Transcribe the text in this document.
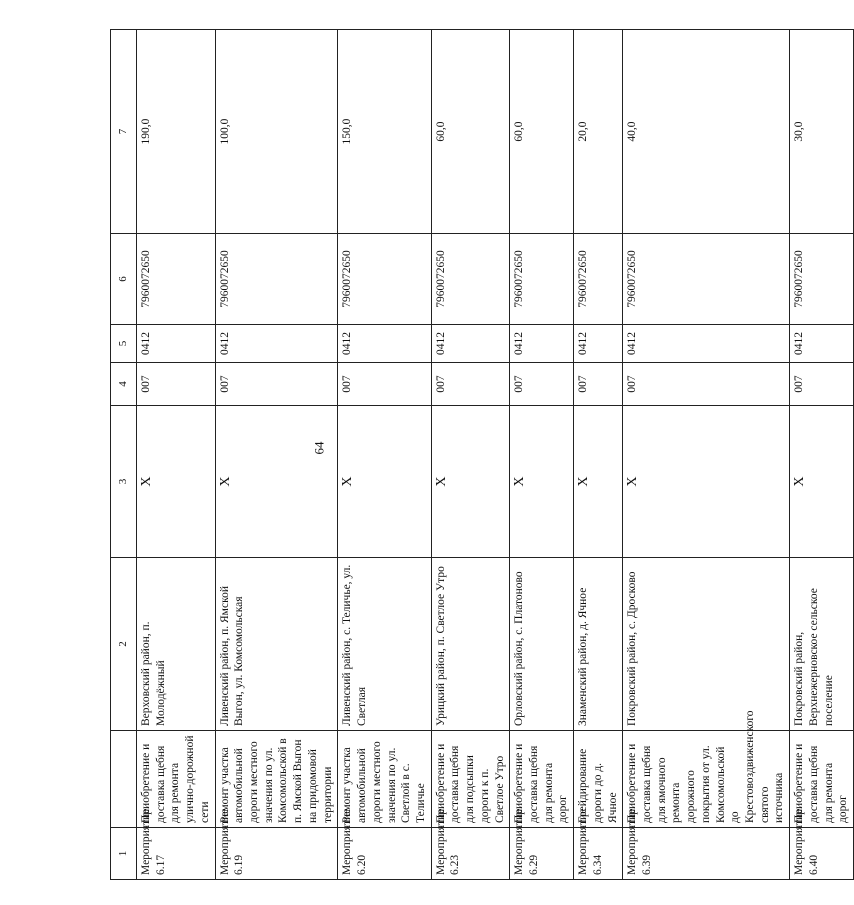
64
1		2	3	4	5	6	7
Мероприятие 6.17	Приобретение и доставка щебня для ремонта улично-дорожной сети	Верховский район, п. Молодёжный	X	007	0412	7960072650	190,0
Мероприятие 6.19	Ремонт участка автомобильной дороги местного значения по ул. Комсомольской в п. Ямской Выгон на придомовой территории	Ливенский район, п. Ямской Выгон, ул. Комсомольская	X	007	0412	7960072650	100,0
Мероприятие 6.20	Ремонт участка автомобильной дороги местного значения по ул. Светлой в с. Теличье	Ливенский район, с. Теличье, ул. Светлая	X	007	0412	7960072650	150,0
Мероприятие 6.23	Приобретение и доставка щебня для подсыпки дороги к п. Светлое Утро	Урицкий район, п. Светлое Утро	X	007	0412	7960072650	60,0
Мероприятие 6.29	Приобретение и доставка щебня для ремонта дорог	Орловский район, с. Платоново	X	007	0412	7960072650	60,0
Мероприятие 6.34	Грейдирование дороги до д. Ячное	Знаменский район, д. Ячное	X	007	0412	7960072650	20,0
Мероприятие 6.39	Приобретение и доставка щебня для ямочного ремонта дорожного покрытия от ул. Комсомольской до Крестовоздвиженского святого источника	Покровский район, с. Дросково	X	007	0412	7960072650	40,0
Мероприятие 6.40	Приобретение и доставка щебня для ремонта дорог	Покровский район, Верхнежерновское сельское поселение	X	007	0412	7960072650	30,0
